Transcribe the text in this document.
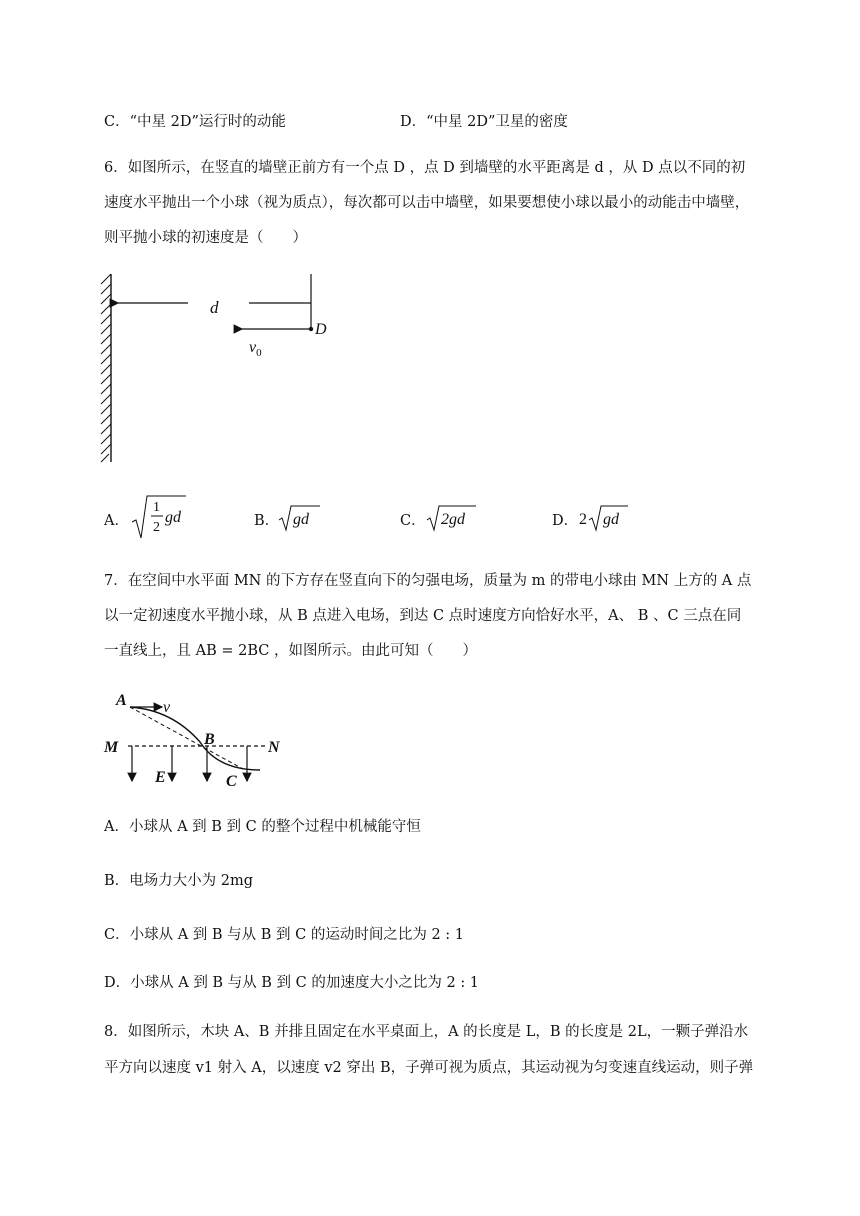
C．“中星 2D”运行时的动能	D．“中星 2D”卫星的密度
6．如图所示，在竖直的墙壁正前方有一个点 D ，点 D 到墙壁的水平距离是 d ，从 D 点以不同的初
速度水平抛出一个小球（视为质点），每次都可以击中墙壁，如果要想使小球以最小的动能击中墙壁，
则平抛小球的初速度是（　　）
d
D
$v_0$
A．
1
2
gd	B． gd	C． 2gd	D． 2 gd
7．在空间中水平面 MN 的下方存在竖直向下的匀强电场，质量为 m 的带电小球由 MN 上方的 A 点
以一定初速度水平抛小球，从 B 点进入电场，到达 C 点时速度方向恰好水平，A、 B 、C 三点在同
一直线上，且 AB = 2BC ，如图所示。由此可知（　　）
A v
M	B	N
E	C
A．小球从 A 到 B 到 C 的整个过程中机械能守恒
B．电场力大小为 2mg
C．小球从 A 到 B 与从 B 到 C 的运动时间之比为 2 : 1
D．小球从 A 到 B 与从 B 到 C 的加速度大小之比为 2 : 1
8．如图所示，木块 A、B 并排且固定在水平桌面上，A 的长度是 L，B 的长度是 2L，一颗子弹沿水
平方向以速度 v1 射入 A，以速度 v2 穿出 B，子弹可视为质点，其运动视为匀变速直线运动，则子弹
